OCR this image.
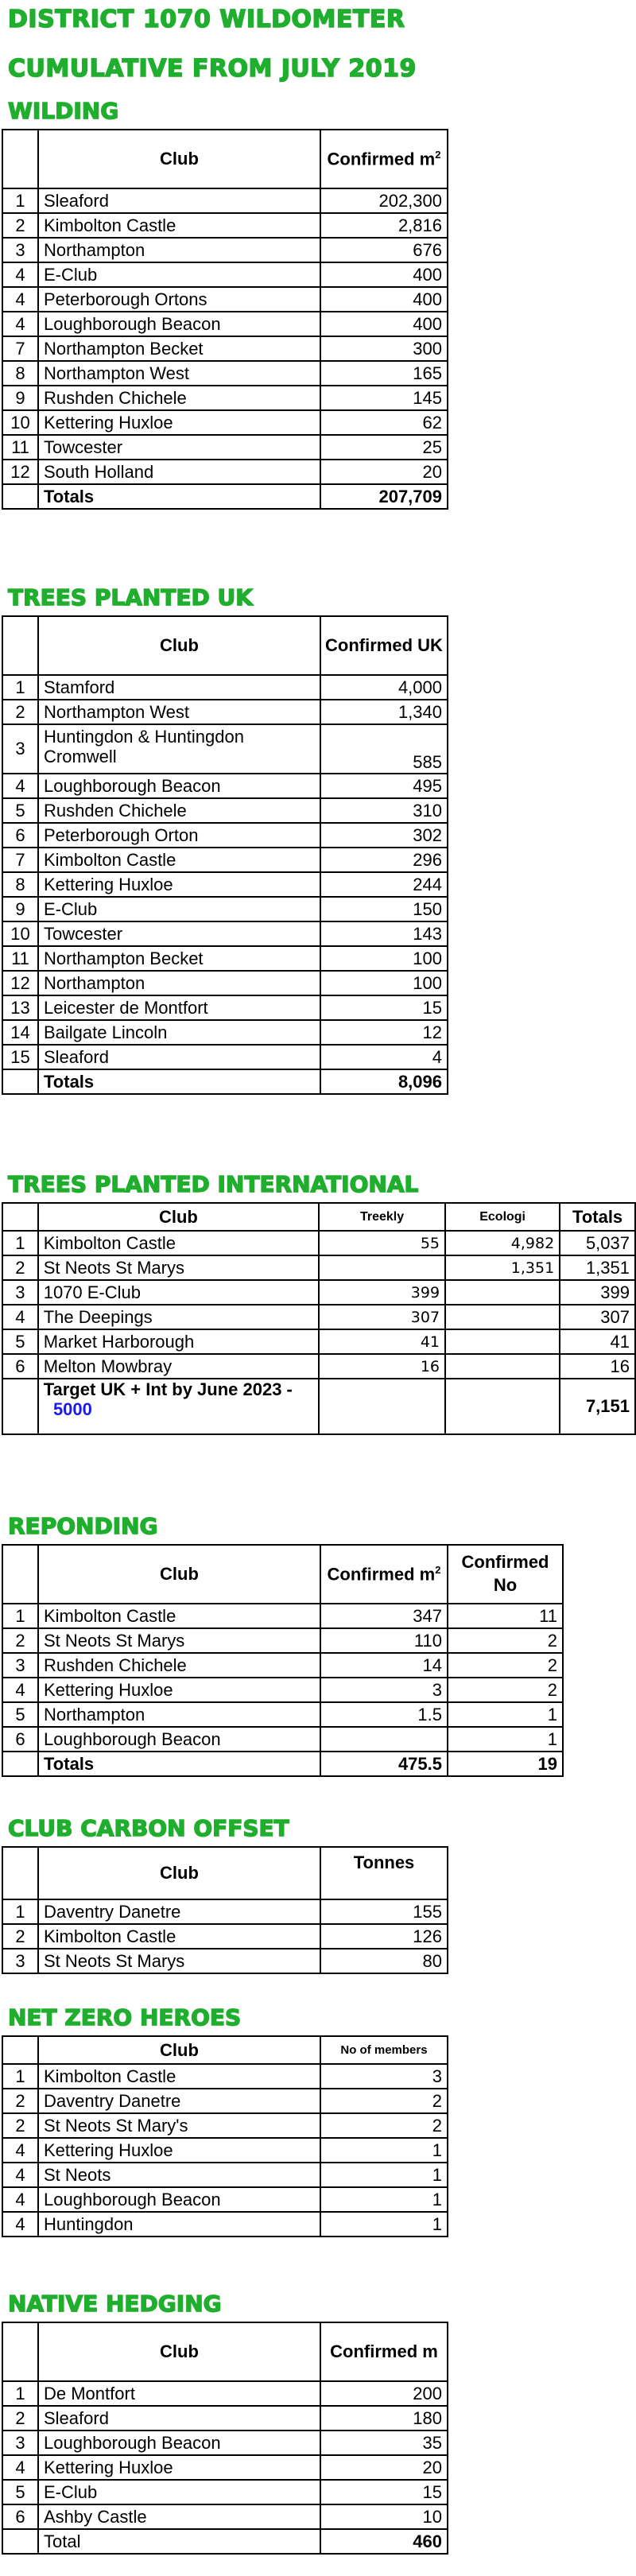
DISTRICT 1070 WILDOMETER
CUMULATIVE FROM JULY 2019
WILDING
	Club	Confirmed $m^2$
1	Sleaford	202,300
2	Kimbolton Castle	2,816
3	Northampton	676
4	E-Club	400
4	Peterborough Ortons	400
4	Loughborough Beacon	400
7	Northampton Becket	300
8	Northampton West	165
9	Rushden Chichele	145
10	Kettering Huxloe	62
11	Towcester	25
12	South Holland	20
	Totals	207,709
TREES PLANTED UK
	Club	Confirmed UK
1	Stamford	4,000
2	Northampton West	1,340
3	Huntingdon & Huntingdon Cromwell	585
4	Loughborough Beacon	495
5	Rushden Chichele	310
6	Peterborough Orton	302
7	Kimbolton Castle	296
8	Kettering Huxloe	244
9	E-Club	150
10	Towcester	143
11	Northampton Becket	100
12	Northampton	100
13	Leicester de Montfort	15
14	Bailgate Lincoln	12
15	Sleaford	4
	Totals	8,096
TREES PLANTED INTERNATIONAL
	Club	Treekly	Ecologi	Totals
1	Kimbolton Castle	55	4,982	5,037
2	St Neots St Marys		1,351	1,351
3	1070 E-Club	399		399
4	The Deepings	307		307
5	Market Harborough	41		41
6	Melton Mowbray	16		16
	Target UK + Int by June 2023 -  5000			7,151
REPONDING
	Club	Confirmed $m^2$	Confirmed No
1	Kimbolton Castle	347	11
2	St Neots St Marys	110	2
3	Rushden Chichele	14	2
4	Kettering Huxloe	3	2
5	Northampton	1.5	1
6	Loughborough Beacon		1
	Totals	475.5	19
CLUB CARBON OFFSET
	Club	Tonnes
1	Daventry Danetre	155
2	Kimbolton Castle	126
3	St Neots St Marys	80
NET ZERO HEROES
	Club	No of members
1	Kimbolton Castle	3
2	Daventry Danetre	2
2	St Neots St Mary's	2
4	Kettering Huxloe	1
4	St Neots	1
4	Loughborough Beacon	1
4	Huntingdon	1
NATIVE HEDGING
	Club	Confirmed m
1	De Montfort	200
2	Sleaford	180
3	Loughborough Beacon	35
4	Kettering Huxloe	20
5	E-Club	15
6	Ashby Castle	10
	Total	460
